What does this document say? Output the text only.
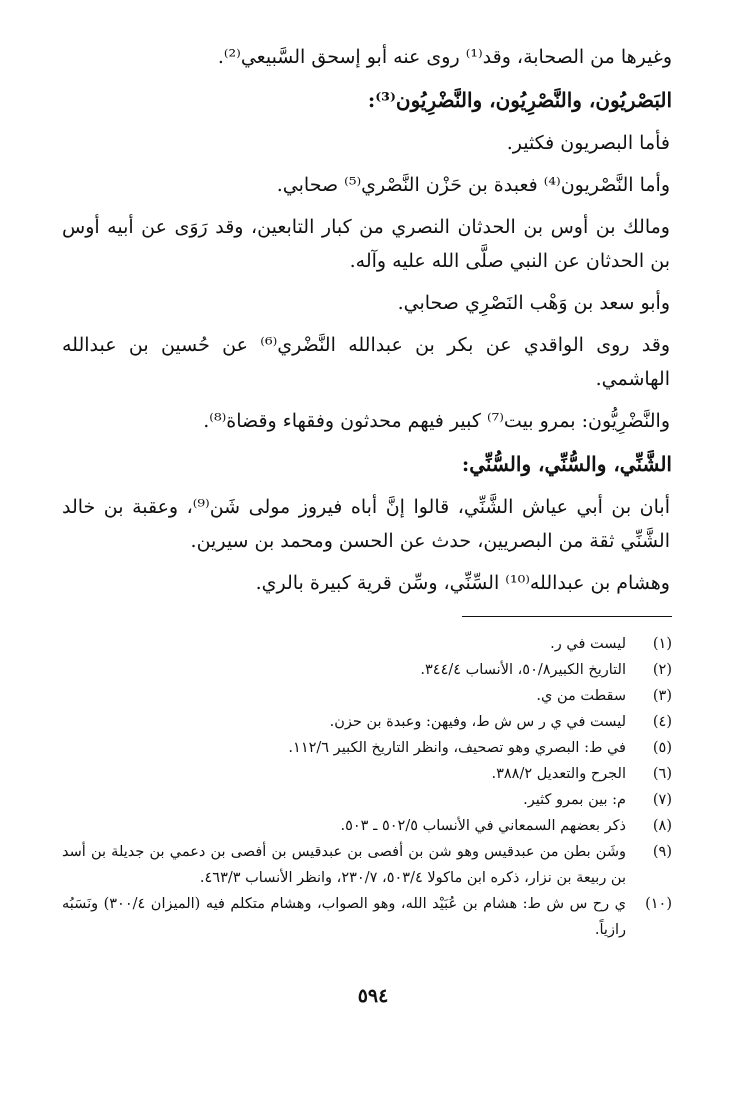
وغيرها من الصحابة، وقد⁽¹⁾ روى عنه أبو إسحق السَّبيعي⁽²⁾.

البَصْريُون، والنَّصْرِيُون، والنَّضْرِيُون⁽³⁾:

فأما البصريون فكثير.

وأما النَّصْريون⁽⁴⁾ فعبدة بن حَزْن النَّصْري⁽⁵⁾ صحابي.

ومالك بن أوس بن الحدثان النصري من كبار التابعين، وقد رَوَى عن أبيه أوس بن الحدثان عن النبي صلَّى الله عليه وآله.

وأبو سعد بن وَهْب النَصْرِي صحابي.

وقد روى الواقدي عن بكر بن عبدالله النَّضْري⁽⁶⁾ عن حُسين بن عبدالله الهاشمي.

والنَّضْرِيُّون: بمرو بيت⁽⁷⁾ كبير فيهم محدثون وفقهاء وقضاة⁽⁸⁾.

الشَّنِّي، والسُّنِّي، والسُّنِّي:

أبان بن أبي عياش الشَّنِّي، قالوا إنَّ أباه فيروز مولى شَن⁽⁹⁾، وعقبة بن خالد الشَّنِّي ثقة من البصريين، حدث عن الحسن ومحمد بن سيرين.

وهشام بن عبدالله⁽¹⁰⁾ السِّنِّي، وسِّن قرية كبيرة بالري.

(١)
ليست في ر.
(٢)
التاريخ الكبير٥٠/٨، الأنساب ٣٤٤/٤.
(٣)
سقطت من ي.
(٤)
ليست في ي ر س ش ط، وفيهن: وعبدة بن حزن.
(٥)
في ط: البصري وهو تصحيف، وانظر التاريخ الكبير ١١٢/٦.
(٦)
الجرح والتعديل ٣٨٨/٢.
(٧)
م: بين بمرو كثير.
(٨)
ذكر بعضهم السمعاني في الأنساب ٥٠٢/٥ ـ ٥٠٣.
(٩)
وشَن بطن من عبدقيس وهو شن بن أفصى بن عبدقيس بن أفصى بن دعمي بن جديلة بن أسد بن ربيعة بن نزار، ذكره ابن ماكولا ٥٠٣/٤، ٢٣٠/٧، وانظر الأنساب ٤٦٣/٣.
(١٠)
ي رح س ش ط: هشام بن عُبَيْد الله، وهو الصواب، وهشام متكلم فيه (الميزان ٣٠٠/٤) ونَسَبُه رازياً.
٥٩٤
